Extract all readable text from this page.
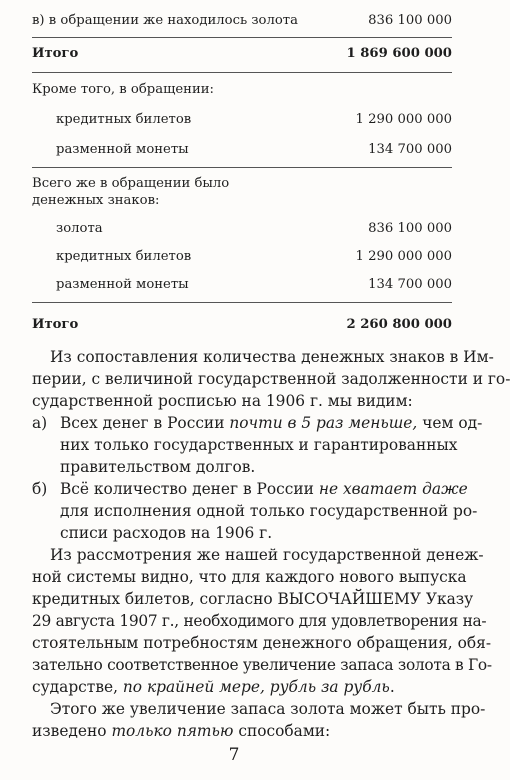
в) в обращении же находилось золота	836 100 000
Итого	1 869 600 000
Кроме того, в обращении:
кредитных билетов	1 290 000 000
разменной монеты	134 700 000
Всего же в обращении было
денежных знаков:
золота	836 100 000
кредитных билетов	1 290 000 000
разменной монеты	134 700 000
Итого	2 260 800 000
Из сопоставления количества денежных знаков в Им-
перии, с величиной государственной задолженности и го-
сударственной росписью на 1906 г. мы видим:
Всех денег в России почти в 5 раз меньше, чем од-
а)
них только государственных и гарантированных
правительством долгов.
б) Всё количество денег в России не хватает даже
для исполнения одной только государственной ро-
списи расходов на 1906 г.
Из рассмотрения же нашей государственной денеж-
ной системы видно, что для каждого нового выпуска
кредитных билетов, согласно ВЫСОЧАЙШЕМУ Указу
29 августа 1907 г., необходимого для удовлетворения на-
стоятельным потребностям денежного обращения, обя-
зательно соответственное увеличение запаса золота в Го-
сударстве, по крайней мере, рубль за рубль.
Этого же увеличение запаса золота может быть про-
изведено только пятью способами:
7
